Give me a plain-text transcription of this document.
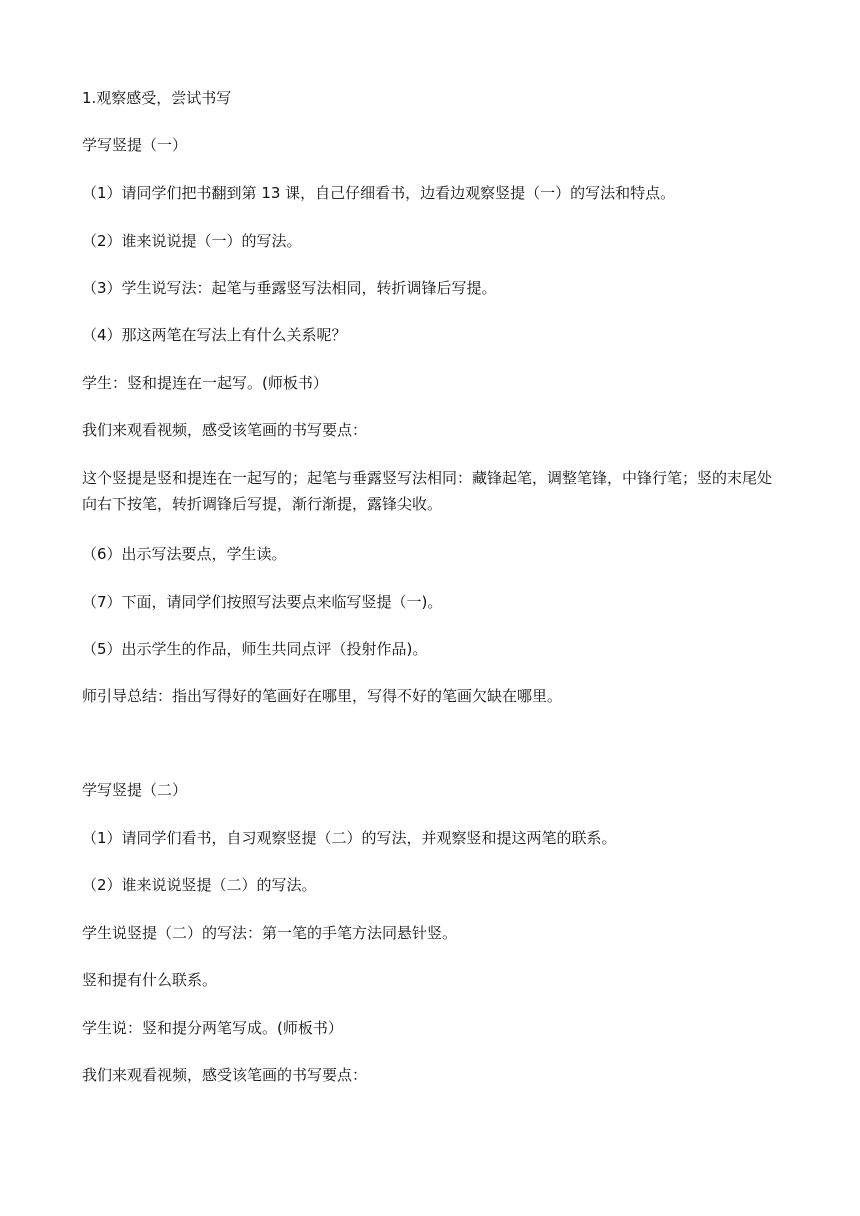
1.观察感受，尝试书写
学写竖提（一）
（1）请同学们把书翻到第 13 课，自己仔细看书，边看边观察竖提（一）的写法和特点。
（2）谁来说说提（一）的写法。
（3）学生说写法：起笔与垂露竖写法相同，转折调锋后写提。
（4）那这两笔在写法上有什么关系呢？
学生：竖和提连在一起写。(师板书）
我们来观看视频，感受该笔画的书写要点：
这个竖提是竖和提连在一起写的；起笔与垂露竖写法相同：藏锋起笔，调整笔锋，中锋行笔；竖的末尾处向右下按笔，转折调锋后写提，渐行渐提，露锋尖收。
（6）出示写法要点，学生读。
（7）下面，请同学们按照写法要点来临写竖提（一)。
（5）出示学生的作品，师生共同点评（投射作品)。
师引导总结：指出写得好的笔画好在哪里，写得不好的笔画欠缺在哪里。
学写竖提（二）
（1）请同学们看书，自习观察竖提（二）的写法，并观察竖和提这两笔的联系。
（2）谁来说说竖提（二）的写法。
学生说竖提（二）的写法：第一笔的手笔方法同悬针竖。
竖和提有什么联系。
学生说：竖和提分两笔写成。(师板书）
我们来观看视频，感受该笔画的书写要点：
